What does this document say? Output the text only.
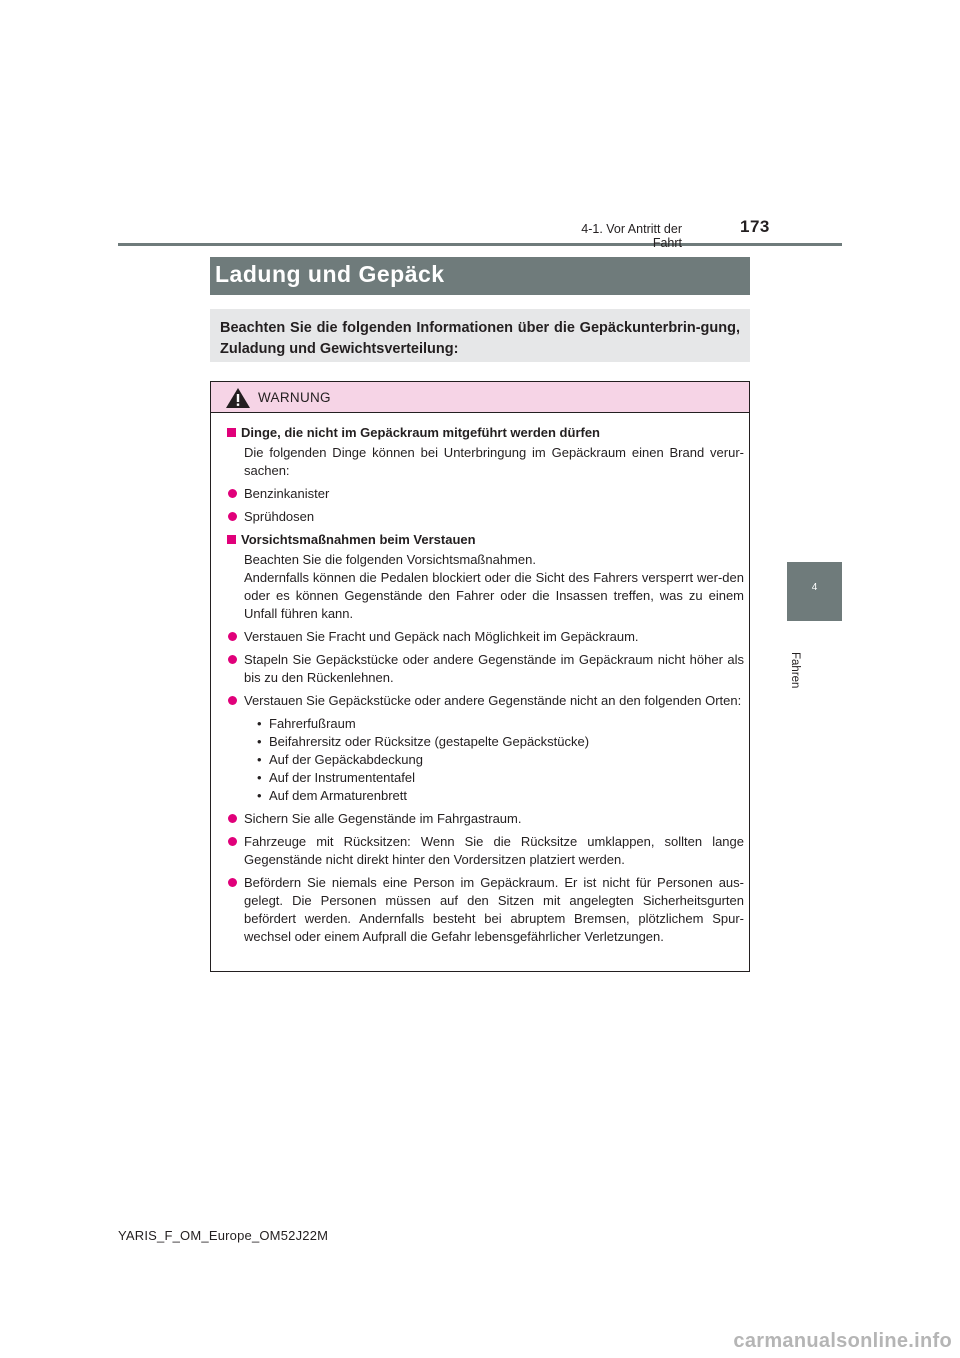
4-1. Vor Antritt der Fahrt
173
4
Fahren
Ladung und Gepäck
Beachten Sie die folgenden Informationen über die Gepäckunterbrin-gung, Zuladung und Gewichtsverteilung:
WARNUNG

Dinge, die nicht im Gepäckraum mitgeführt werden dürfen

Die folgenden Dinge können bei Unterbringung im Gepäckraum einen Brand verur-sachen:

Benzinkanister

Sprühdosen

Vorsichtsmaßnahmen beim Verstauen

Beachten Sie die folgenden Vorsichtsmaßnahmen.

Andernfalls können die Pedalen blockiert oder die Sicht des Fahrers versperrt wer-den oder es können Gegenstände den Fahrer oder die Insassen treffen, was zu einem Unfall führen kann.

Verstauen Sie Fracht und Gepäck nach Möglichkeit im Gepäckraum.

Stapeln Sie Gepäckstücke oder andere Gegenstände im Gepäckraum nicht höher als bis zu den Rückenlehnen.

Verstauen Sie Gepäckstücke oder andere Gegenstände nicht an den folgenden Orten:

• Fahrerfußraum
• Beifahrersitz oder Rücksitze (gestapelte Gepäckstücke)
• Auf der Gepäckabdeckung
• Auf der Instrumententafel
• Auf dem Armaturenbrett

Sichern Sie alle Gegenstände im Fahrgastraum.

Fahrzeuge mit Rücksitzen: Wenn Sie die Rücksitze umklappen, sollten lange Gegenstände nicht direkt hinter den Vordersitzen platziert werden.

Befördern Sie niemals eine Person im Gepäckraum. Er ist nicht für Personen aus-gelegt. Die Personen müssen auf den Sitzen mit angelegten Sicherheitsgurten befördert werden. Andernfalls besteht bei abruptem Bremsen, plötzlichem Spur-wechsel oder einem Aufprall die Gefahr lebensgefährlicher Verletzungen.

YARIS_F_OM_Europe_OM52J22M
carmanualsonline.info
